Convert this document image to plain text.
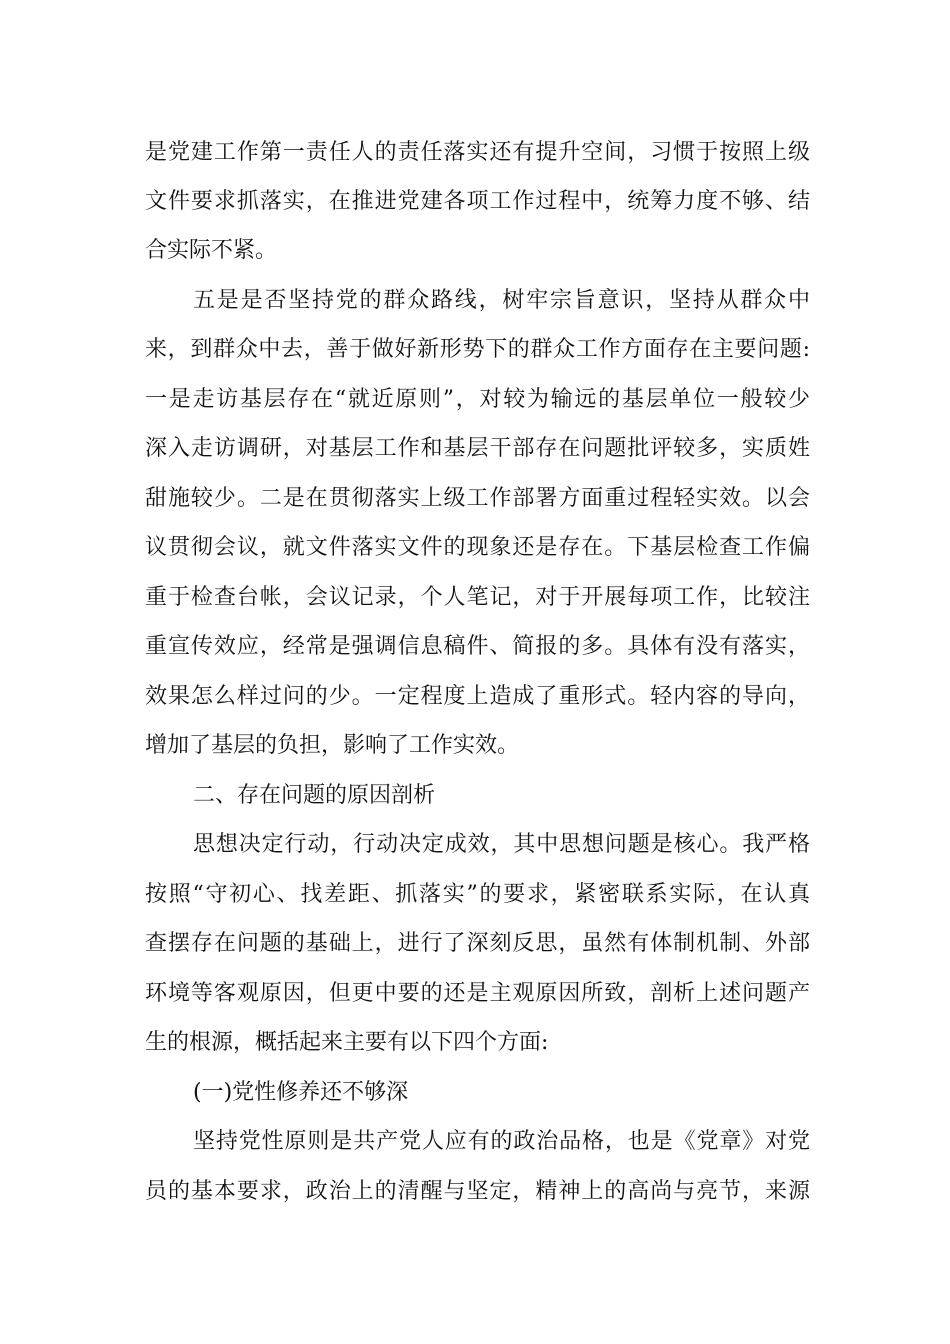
是党建工作第一责任人的责任落实还有提升空间，习惯于按照上级

文件要求抓落实，在推进党建各项工作过程中，统筹力度不够、结

合实际不紧。

五是是否坚持党的群众路线，树牢宗旨意识，坚持从群众中

来，到群众中去，善于做好新形势下的群众工作方面存在主要问题:

一是走访基层存在“就近原则”，对较为输远的基层单位一般较少

深入走访调研，对基层工作和基层干部存在问题批评较多，实质姓

甜施较少。二是在贯彻落实上级工作部署方面重过程轻实效。以会

议贯彻会议，就文件落实文件的现象还是存在。下基层检查工作偏

重于检查台帐，会议记录，个人笔记，对于开展每项工作，比较注

重宣传效应，经常是强调信息稿件、简报的多。具体有没有落实，

效果怎么样过问的少。一定程度上造成了重形式。轻内容的导向，

增加了基层的负担，影响了工作实效。

二、存在问题的原因剖析

思想决定行动，行动决定成效，其中思想问题是核心。我严格

按照“守初心、找差距、抓落实”的要求，紧密联系实际，在认真

查摆存在问题的基础上，进行了深刻反思，虽然有体制机制、外部

环境等客观原因，但更中要的还是主观原因所致，剖析上述问题产

生的根源，概括起来主要有以下四个方面:

(一)党性修养还不够深

坚持党性原则是共产党人应有的政治品格，也是《党章》对党

员的基本要求，政治上的清醒与坚定，精神上的高尚与亮节，来源
